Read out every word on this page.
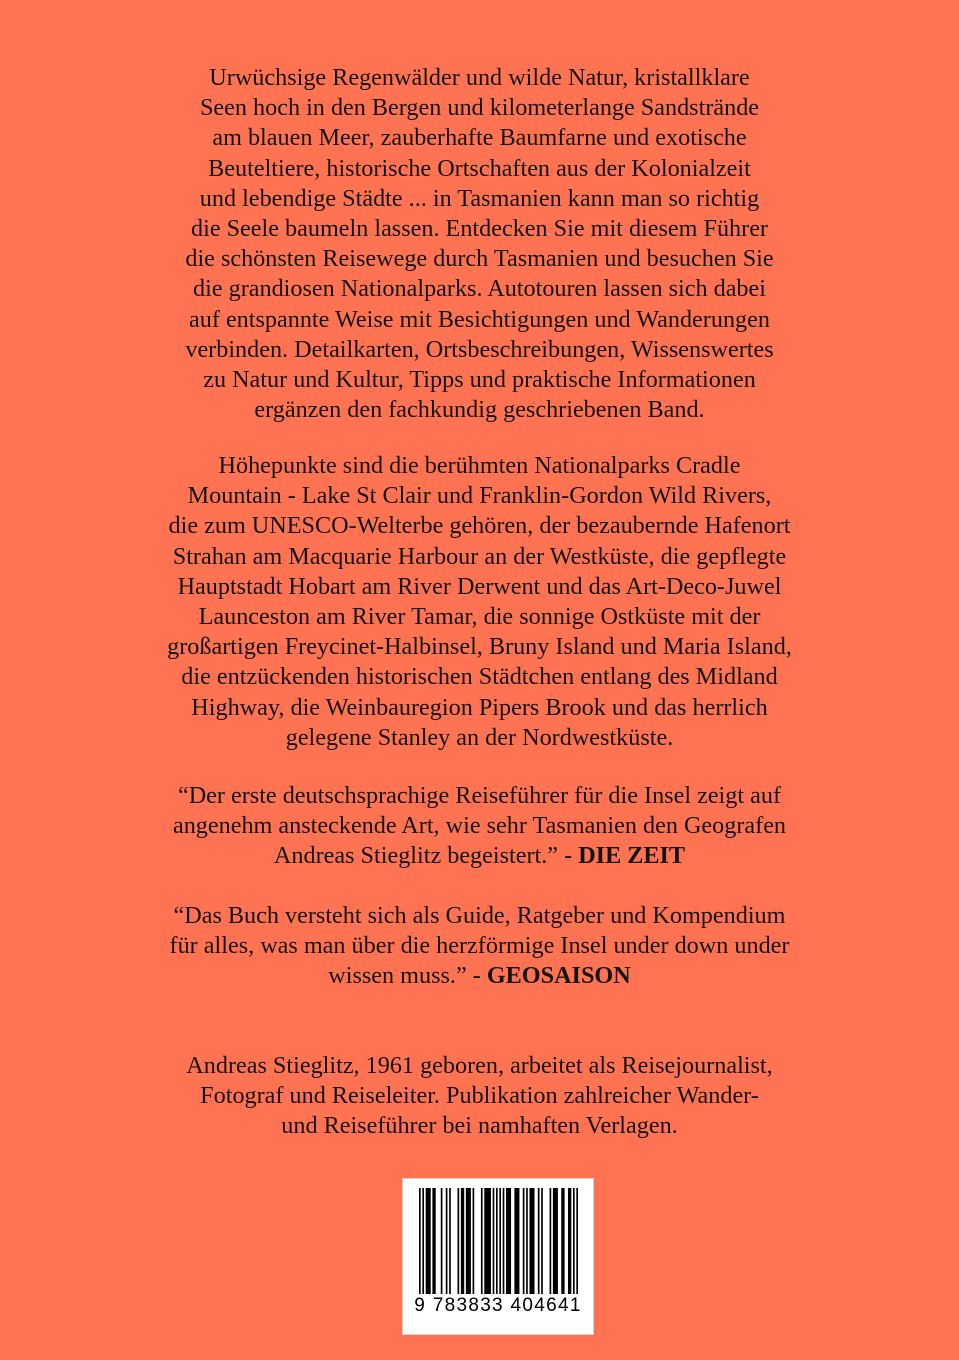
Urwüchsige Regenwälder und wilde Natur, kristallklare
Seen hoch in den Bergen und kilometerlange Sandstrände
am blauen Meer, zauberhafte Baumfarne und exotische
Beuteltiere, historische Ortschaften aus der Kolonialzeit
und lebendige Städte ... in Tasmanien kann man so richtig
die Seele baumeln lassen. Entdecken Sie mit diesem Führer
die schönsten Reisewege durch Tasmanien und besuchen Sie
die grandiosen Nationalparks. Autotouren lassen sich dabei
auf entspannte Weise mit Besichtigungen und Wanderungen
verbinden. Detailkarten, Ortsbeschreibungen, Wissenswertes
zu Natur und Kultur, Tipps und praktische Informationen
ergänzen den fachkundig geschriebenen Band.

Höhepunkte sind die berühmten Nationalparks Cradle
Mountain - Lake St Clair und Franklin-Gordon Wild Rivers,
die zum UNESCO-Welterbe gehören, der bezaubernde Hafenort
Strahan am Macquarie Harbour an der Westküste, die gepflegte
Hauptstadt Hobart am River Derwent und das Art-Deco-Juwel
Launceston am River Tamar, die sonnige Ostküste mit der
großartigen Freycinet-Halbinsel, Bruny Island und Maria Island,
die entzückenden historischen Städtchen entlang des Midland
Highway, die Weinbauregion Pipers Brook und das herrlich
gelegene Stanley an der Nordwestküste.

“Der erste deutschsprachige Reiseführer für die Insel zeigt auf
angenehm ansteckende Art, wie sehr Tasmanien den Geografen
Andreas Stieglitz begeistert.” - DIE ZEIT

“Das Buch versteht sich als Guide, Ratgeber und Kompendium
für alles, was man über die herzförmige Insel under down under
wissen muss.” - GEOSAISON

Andreas Stieglitz, 1961 geboren, arbeitet als Reisejournalist,
Fotograf und Reiseleiter. Publikation zahlreicher Wander-
und Reiseführer bei namhaften Verlagen.

9 783833 404641
